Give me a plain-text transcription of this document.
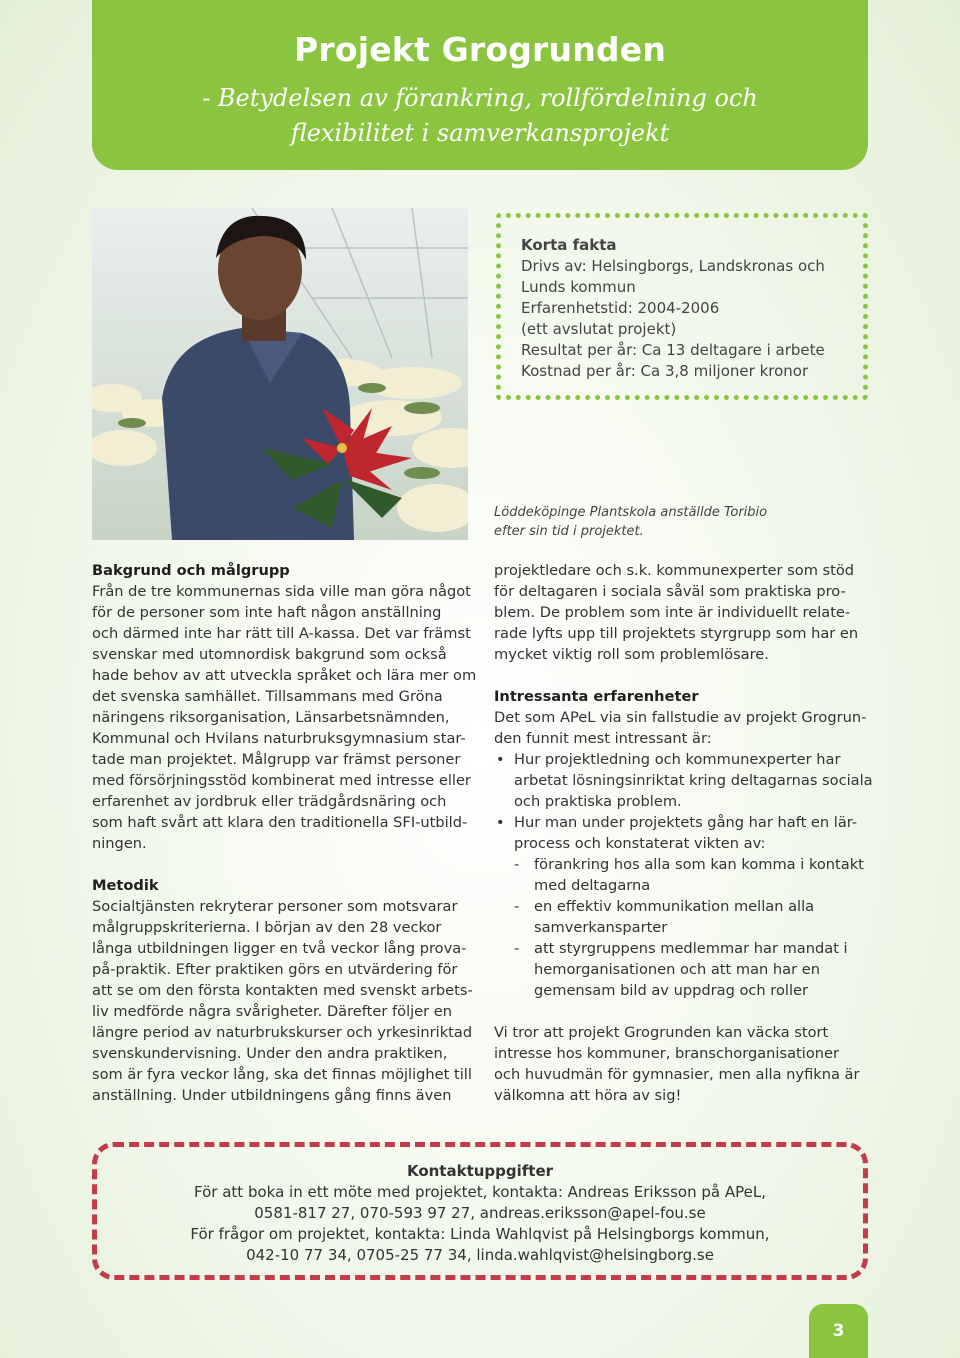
Projekt Grogrunden
- Betydelsen av förankring, rollfördelning och
flexibilitet i samverkansprojekt
Korta fakta
Drivs av: Helsingborgs, Landskronas och
Lunds kommun
Erfarenhetstid: 2004-2006
(ett avslutat projekt)
Resultat per år: Ca 13 deltagare i arbete
Kostnad per år: Ca 3,8 miljoner kronor
Löddeköpinge Plantskola anställde Toribio
efter sin tid i projektet.
Bakgrund och målgrupp
Från de tre kommunernas sida ville man göra något
för de personer som inte haft någon anställning
och därmed inte har rätt till A-kassa. Det var främst
svenskar med utomnordisk bakgrund som också
hade behov av att utveckla språket och lära mer om
det svenska samhället. Tillsammans med Gröna
näringens riksorganisation, Länsarbetsnämnden,
Kommunal och Hvilans naturbruksgymnasium star-
tade man projektet. Målgrupp var främst personer
med försörjningsstöd kombinerat med intresse eller
erfarenhet av jordbruk eller trädgårdsnäring och
som haft svårt att klara den traditionella SFI-utbild-
ningen.
Metodik
Socialtjänsten rekryterar personer som motsvarar
målgruppskriterierna. I början av den 28 veckor
långa utbildningen ligger en två veckor lång prova-
på-praktik. Efter praktiken görs en utvärdering för
att se om den första kontakten med svenskt arbets-
liv medförde några svårigheter. Därefter följer en
längre period av naturbrukskurser och yrkesinriktad
svenskundervisning. Under den andra praktiken,
som är fyra veckor lång, ska det finnas möjlighet till
anställning. Under utbildningens gång finns även
projektledare och s.k. kommunexperter som stöd
för deltagaren i sociala såväl som praktiska pro-
blem. De problem som inte är individuellt relate-
rade lyfts upp till projektets styrgrupp som har en
mycket viktig roll som problemlösare.
Intressanta erfarenheter
Det som APeL via sin fallstudie av projekt Grogrun-
den funnit mest intressant är:
• Hur projektledning och kommunexperter har
arbetat lösningsinriktat kring deltagarnas sociala
och praktiska problem.
• Hur man under projektets gång har haft en lär-
process och konstaterat vikten av:
- förankring hos alla som kan komma i kontakt
med deltagarna
- en effektiv kommunikation mellan alla
samverkansparter
- att styrgruppens medlemmar har mandat i
hemorganisationen och att man har en
gemensam bild av uppdrag och roller
Vi tror att projekt Grogrunden kan väcka stort
intresse hos kommuner, branschorganisationer
och huvudmän för gymnasier, men alla nyfikna är
välkomna att höra av sig!
Kontaktuppgifter
För att boka in ett möte med projektet, kontakta: Andreas Eriksson på APeL,
0581-817 27, 070-593 97 27, andreas.eriksson@apel-fou.se
För frågor om projektet, kontakta: Linda Wahlqvist på Helsingborgs kommun,
042-10 77 34, 0705-25 77 34, linda.wahlqvist@helsingborg.se
3
